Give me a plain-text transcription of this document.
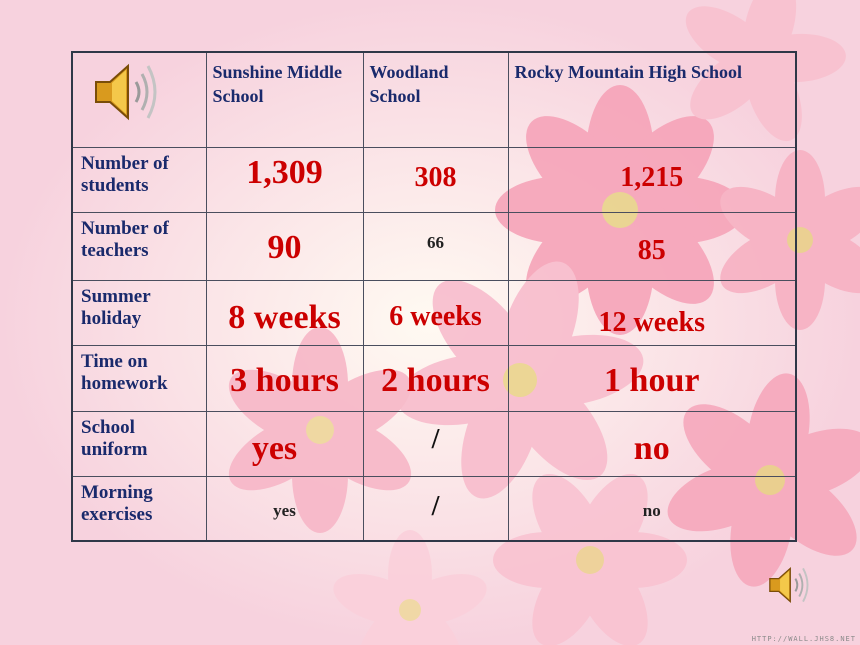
	Sunshine Middle School	Woodland School	Rocky Mountain High School
Number of students	1,309	308	1,215

Number of teachers	90	66	85

Summer holiday	8 weeks	6 weeks	12 weeks

Time on homework	3 hours	2 hours	1 hour

School uniform	yes	/	no

Morning exercises	yes	/	no
HTTP://WALL.JHS8.NET
